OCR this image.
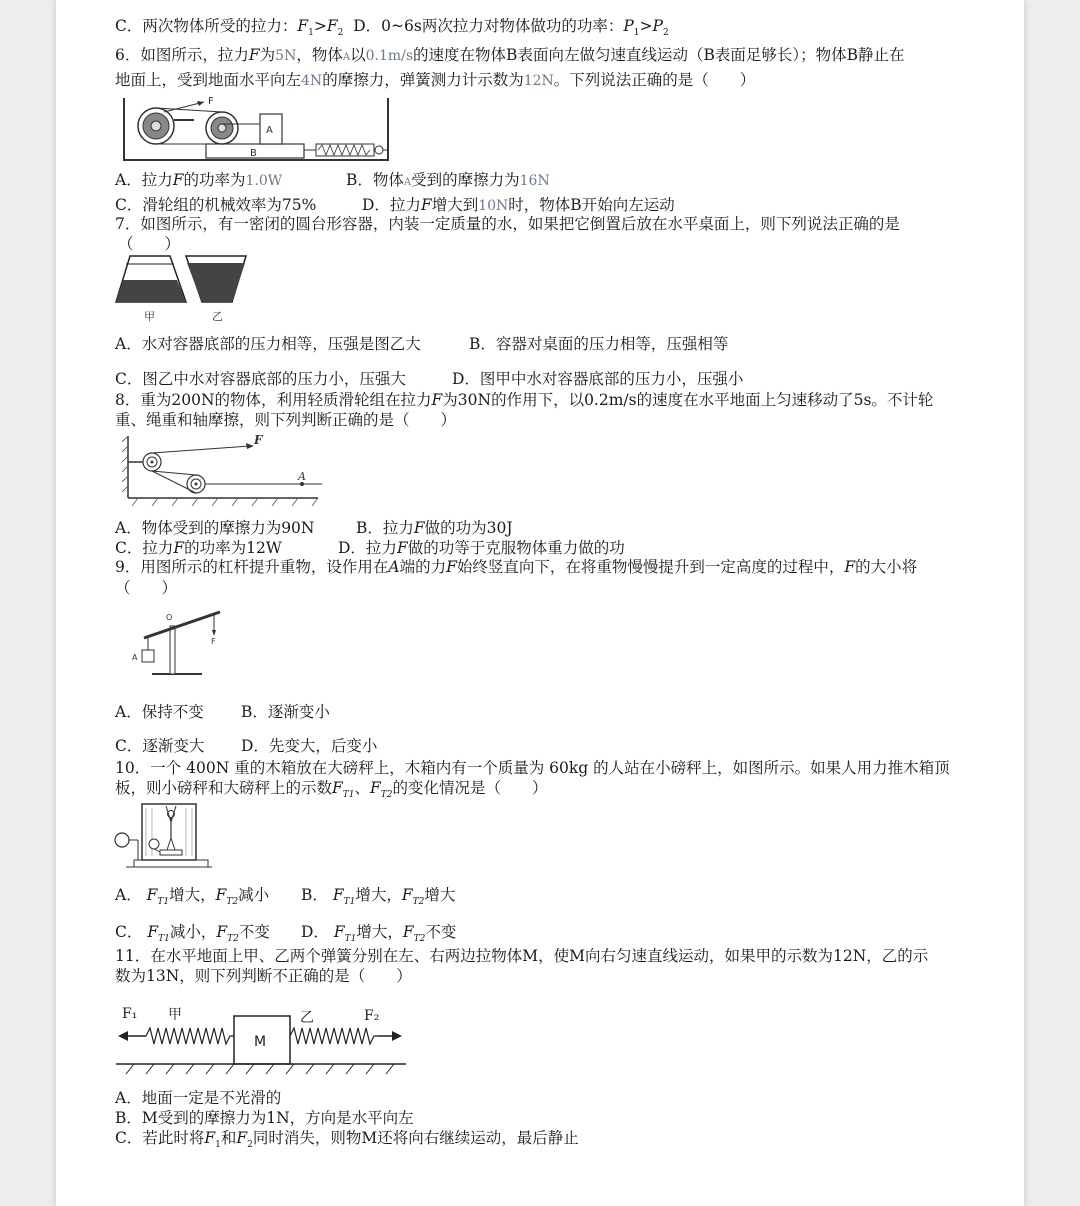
C．两次物体所受的拉力：$F_1>F_2$ D．0~6s两次拉力对物体做功的功率：$P_1>P_2$
6．如图所示，拉力F为5N，物体A以0.1m/s的速度在物体B表面向左做匀速直线运动（B表面足够长）；物体B静止在
地面上，受到地面水平向左4N的摩擦力，弹簧测力计示数为12N。下列说法正确的是（　　）
F
A
B
A．拉力F的功率为1.0W	B．物体A受到的摩擦力为16N
C．滑轮组的机械效率为75%	D．拉力F增大到10N时，物体B开始向左运动
7．如图所示，有一密闭的圆台形容器，内装一定质量的水，如果把它倒置后放在水平桌面上，则下列说法正确的是
（　　）
甲	乙
A．水对容器底部的压力相等，压强是图乙大	B．容器对桌面的压力相等，压强相等
C．图乙中水对容器底部的压力小，压强大	D．图甲中水对容器底部的压力小，压强小
8．重为200N的物体，利用轻质滑轮组在拉力F为30N的作用下，以0.2m/s的速度在水平地面上匀速移动了5s。不计轮
重、绳重和轴摩擦，则下列判断正确的是（　　）
F
A
A．物体受到的摩擦力为90N	B．拉力F做的功为30J
C．拉力F的功率为12W	D．拉力F做的功等于克服物体重力做的功
9．用图所示的杠杆提升重物，设作用在A端的力F始终竖直向下，在将重物慢慢提升到一定高度的过程中，F的大小将
（　　）
O
A
F
A．保持不变 B．逐渐变小
C．逐渐变大 D．先变大，后变小
10．一个 400N 重的木箱放在大磅秤上，木箱内有一个质量为 60kg 的人站在小磅秤上，如图所示。如果人用力推木箱顶
板，则小磅秤和大磅秤上的示数$F_{T1}$、$F_{T2}$的变化情况是（　　）
A． $F_{T1}$增大，$F_{T2}$减小 B． $F_{T1}$增大，$F_{T2}$增大
C． $F_{T1}$减小，$F_{T2}$不变 D． $F_{T1}$增大，$F_{T2}$不变
11．在水平地面上甲、乙两个弹簧分别在左、右两边拉物体M，使M向右匀速直线运动，如果甲的示数为12N，乙的示
数为13N，则下列判断不正确的是（　　）
F₁ 甲	乙	F₂
M
A．地面一定是不光滑的
B．M受到的摩擦力为1N，方向是水平向左
C．若此时将$F_1$和$F_2$同时消失，则物M还将向右继续运动，最后静止
